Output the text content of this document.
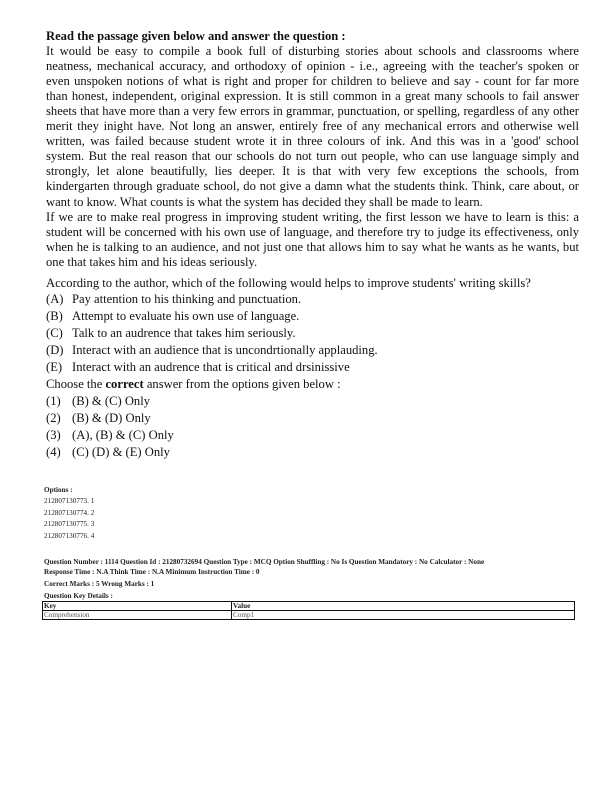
Read the passage given below and answer the question :

It would be easy to compile a book full of disturbing stories about schools and classrooms where neatness, mechanical accuracy, and orthodoxy of opinion - i.e., agreeing with the teacher's spoken or even unspoken notions of what is right and proper for children to believe and say - count for far more than honest, independent, original expression. It is still common in a great many schools to fail answer sheets that have more than a very few errors in grammar, punctuation, or spelling, regardless of any other merit they inight have. Not long an answer, entirely free of any mechanical errors and otherwise well written, was failed because student wrote it in three colours of ink. And this was in a 'good' school system. But the real reason that our schools do not turn out people, who can use language simply and strongly, let alone beautifully, lies deeper. It is that with very few exceptions the schools, from kindergarten through graduate school, do not give a damn what the students think. Think, care about, or want to know. What counts is what the system has decided they shall be made to learn.

If we are to make real progress in improving student writing, the first lesson we have to learn is this: a student will be concerned with his own use of language, and therefore try to judge its effectiveness, only when he is talking to an audience, and not just one that allows him to say what he wants as he wants, but one that takes him and his ideas seriously.

According to the author, which of the following would helps to improve students' writing skills?

(A) Pay attention to his thinking and punctuation.
(B) Attempt to evaluate his own use of language.
(C) Talk to an audrence that takes him seriously.
(D) Interact with an audience that is uncondrtionally applauding.
(E) Interact with an audrence that is critical and drsinissive
Choose the correct answer from the options given below :
(1) (B) & (C) Only
(2) (B) & (D) Only
(3) (A), (B) & (C) Only
(4) (C) (D) & (E) Only
Options :
212807130773. 1
212807130774. 2
212807130775. 3
212807130776. 4
Question Number : 1114 Question Id : 21280732694 Question Type : MCQ Option Shuffling : No Is Question Mandatory : No Calculator : None
Response Time : N.A Think Time : N.A Minimum Instruction Time : 0
Correct Marks : 5 Wrong Marks : 1
Question Key Details :
Key	Value
Comprehension	Comp1
